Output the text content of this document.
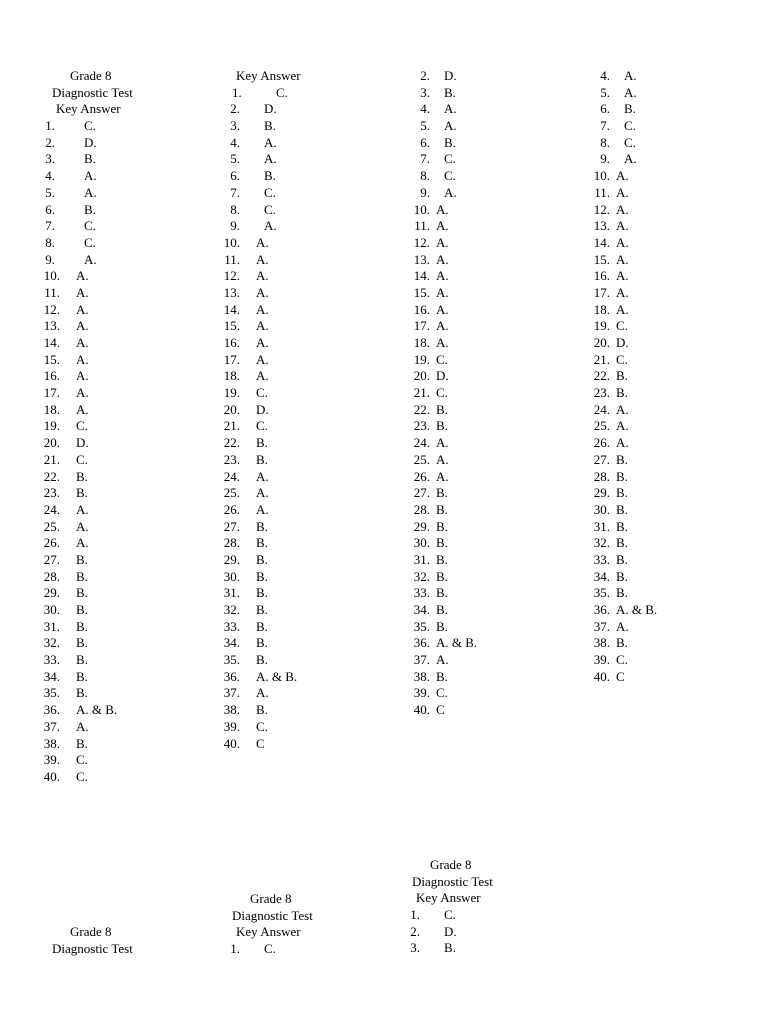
Grade 8
Diagnostic Test
Key Answer
1. C.
2. D.
3. B.
4. A.
5. A.
6. B.
7. C.
8. C.
9. A.
10. A.
11. A.
12. A.
13. A.
14. A.
15. A.
16. A.
17. A.
18. A.
19. C.
20. D.
21. C.
22. B.
23. B.
24. A.
25. A.
26. A.
27. B.
28. B.
29. B.
30. B.
31. B.
32. B.
33. B.
34. B.
35. B.
36. A. & B.
37. A.
38. B.
39. C.
40. C.
Key Answer
1.	C.
2. D.
3. B.
4. A.
5. A.
6. B.
7. C.
8. C.
9. A.
10. A.
11. A.
12. A.
13. A.
14. A.
15. A.
16. A.
17. A.
18. A.
19. C.
20. D.
21. C.
22. B.
23. B.
24. A.
25. A.
26. A.
27. B.
28. B.
29. B.
30. B.
31. B.
32. B.
33. B.
34. B.
35. B.
36. A. & B.
37. A.
38. B.
39. C.
40. C
2. D.
3. B.
4. A.
5. A.
6. B.
7. C.
8. C.
9. A.
10. A.
11. A.
12. A.
13. A.
14. A.
15. A.
16. A.
17. A.
18. A.
19. C.
20. D.
21. C.
22. B.
23. B.
24. A.
25. A.
26. A.
27. B.
28. B.
29. B.
30. B.
31. B.
32. B.
33. B.
34. B.
35. B.
36. A. & B.
37. A.
38. B.
39. C.
40. C
4. A.
5. A.
6. B.
7. C.
8. C.
9. A.
10. A.
11. A.
12. A.
13. A.
14. A.
15. A.
16. A.
17. A.
18. A.
19. C.
20. D.
21. C.
22. B.
23. B.
24. A.
25. A.
26. A.
27. B.
28. B.
29. B.
30. B.
31. B.
32. B.
33. B.
34. B.
35. B.
36. A. & B.
37. A.
38. B.
39. C.
40. C
Grade 8
Diagnostic Test
Grade 8
Diagnostic Test
Key Answer
1. C.
Grade 8
Diagnostic Test
Key Answer
1. C.
2. D.
3. B.
